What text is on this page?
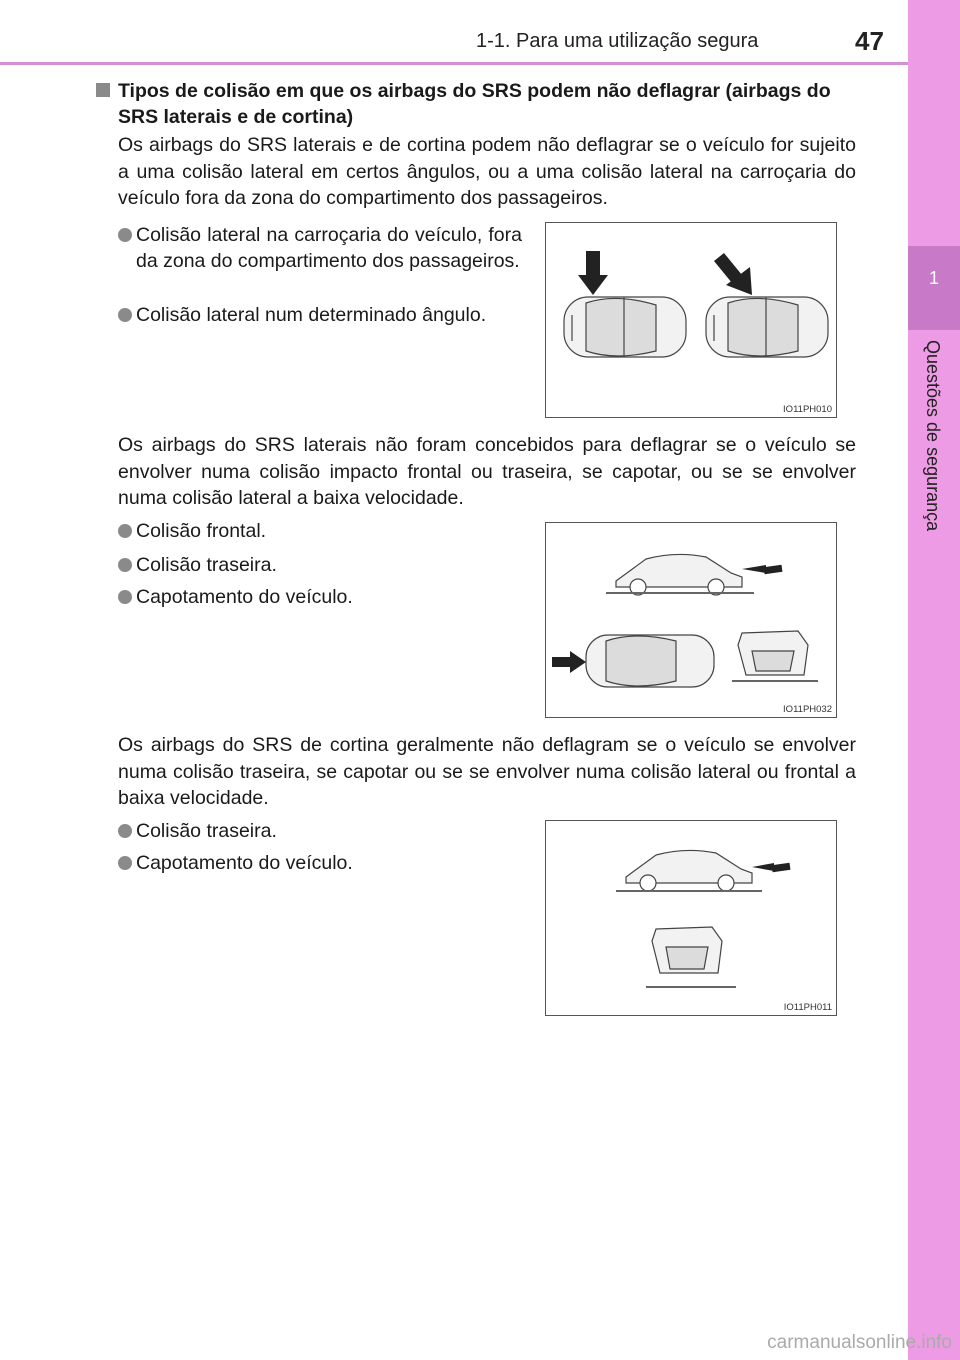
1-1. Para uma utilização segura	47
1
Questões de segurança
Tipos de colisão em que os airbags do SRS podem não deflagrar (airbags do SRS laterais e de cortina)
Os airbags do SRS laterais e de cortina podem não deflagrar se o veículo for sujeito a uma colisão lateral em certos ângulos, ou a uma colisão lateral na carroçaria do veículo fora da zona do compartimento dos passageiros.
Colisão lateral na carroçaria do veículo, fora da zona do compartimento dos passageiros.
Colisão lateral num determinado ângulo.
IO11PH010
Os airbags do SRS laterais não foram concebidos para deflagrar se o veículo se envolver numa colisão impacto frontal ou traseira, se capotar, ou se se envolver numa colisão lateral a baixa velocidade.
Colisão frontal.
Colisão traseira.
Capotamento do veículo.
IO11PH032
Os airbags do SRS de cortina geralmente não deflagram se o veículo se envolver numa colisão traseira, se capotar ou se se envolver numa colisão lateral ou frontal a baixa velocidade.
Colisão traseira.
Capotamento do veículo.
IO11PH011
carmanualsonline.info
